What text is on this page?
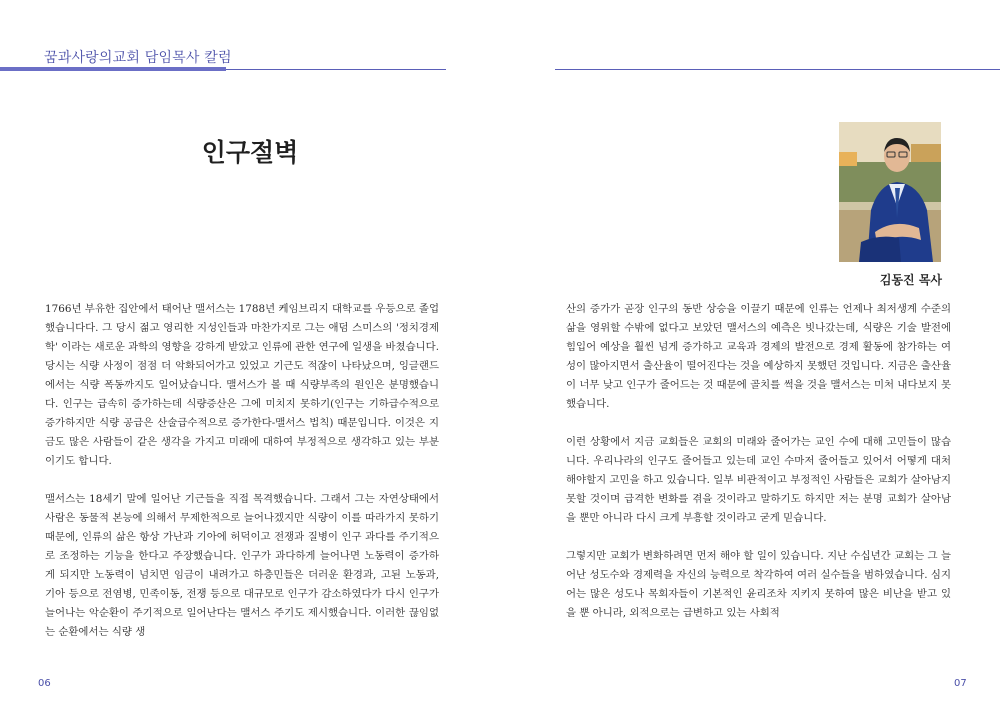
꿈과사랑의교회 담임목사 칼럼
인구절벽
김동진 목사

1766년 부유한 집안에서 태어난 맬서스는 1788년 케임브리지 대학교를 우등으로 졸업했습니다다. 그 당시 젊고 영리한 지성인들과 마찬가지로 그는 애덤 스미스의 '정치경제학' 이라는 새로운 과학의 영향을 강하게 받았고 인류에 관한 연구에 일생을 바쳤습니다. 당시는 식량 사정이 점점 더 악화되어가고 있었고 기근도 적잖이 나타났으며, 잉글랜드에서는 식량 폭동까지도 일어났습니다. 맬서스가 볼 때 식량부족의 원인은 분명했습니다. 인구는 급속히 증가하는데 식량증산은 그에 미치지 못하기(인구는 기하급수적으로 증가하지만 식량 공급은 산술급수적으로 증가한다-맬서스 법칙) 때문입니다. 이것은 지금도 많은 사람들이 같은 생각을 가지고 미래에 대하여 부정적으로 생각하고 있는 부분이기도 합니다.

맬서스는 18세기 말에 일어난 기근들을 직접 목격했습니다. 그래서 그는 자연상태에서 사람은 동물적 본능에 의해서 무제한적으로 늘어나겠지만 식량이 이를 따라가지 못하기 때문에, 인류의 삶은 항상 가난과 기아에 허덕이고 전쟁과 질병이 인구 과다를 주기적으로 조정하는 기능을 한다고 주장했습니다. 인구가 과다하게 늘어나면 노동력이 증가하게 되지만 노동력이 넘치면 임금이 내려가고 하층민들은 더러운 환경과, 고된 노동과, 기아 등으로 전염병, 민족이동, 전쟁 등으로 대규모로 인구가 감소하였다가 다시 인구가 늘어나는 악순환이 주기적으로 일어난다는 맬서스 주기도 제시했습니다. 이러한 끊임없는 순환에서는 식량 생

산의 증가가 곧장 인구의 동반 상승을 이끌기 때문에 인류는 언제나 최저생계 수준의 삶을 영위할 수밖에 없다고 보았던 맬서스의 예측은 빗나갔는데, 식량은 기술 발전에 힘입어 예상을 훨씬 넘게 증가하고 교육과 경제의 발전으로 경제 활동에 참가하는 여성이 많아지면서 출산율이 떨어진다는 것을 예상하지 못했던 것입니다. 지금은 출산율이 너무 낮고 인구가 줄어드는 것 때문에 골치를 썩을 것을 맬서스는 미처 내다보지 못했습니다.

이런 상황에서 지금 교회들은 교회의 미래와 줄어가는 교인 수에 대해 고민들이 많습니다. 우리나라의 인구도 줄어들고 있는데 교인 수마저 줄어들고 있어서 어떻게 대처해야할지 고민을 하고 있습니다. 일부 비관적이고 부정적인 사람들은 교회가 살아남지 못할 것이며 급격한 변화를 겪을 것이라고 말하기도 하지만 저는 분명 교회가 살아남을 뿐만 아니라 다시 크게 부흥할 것이라고 굳게 믿습니다.

그렇지만 교회가 변화하려면 먼저 해야 할 일이 있습니다. 지난 수십년간 교회는 그 늘어난 성도수와 경제력을 자신의 능력으로 착각하여 여러 실수들을 범하였습니다. 심지어는 많은 성도나 목회자들이 기본적인 윤리조차 지키지 못하여 많은 비난을 받고 있을 뿐 아니라, 외적으로는 급변하고 있는 사회적

06	07
